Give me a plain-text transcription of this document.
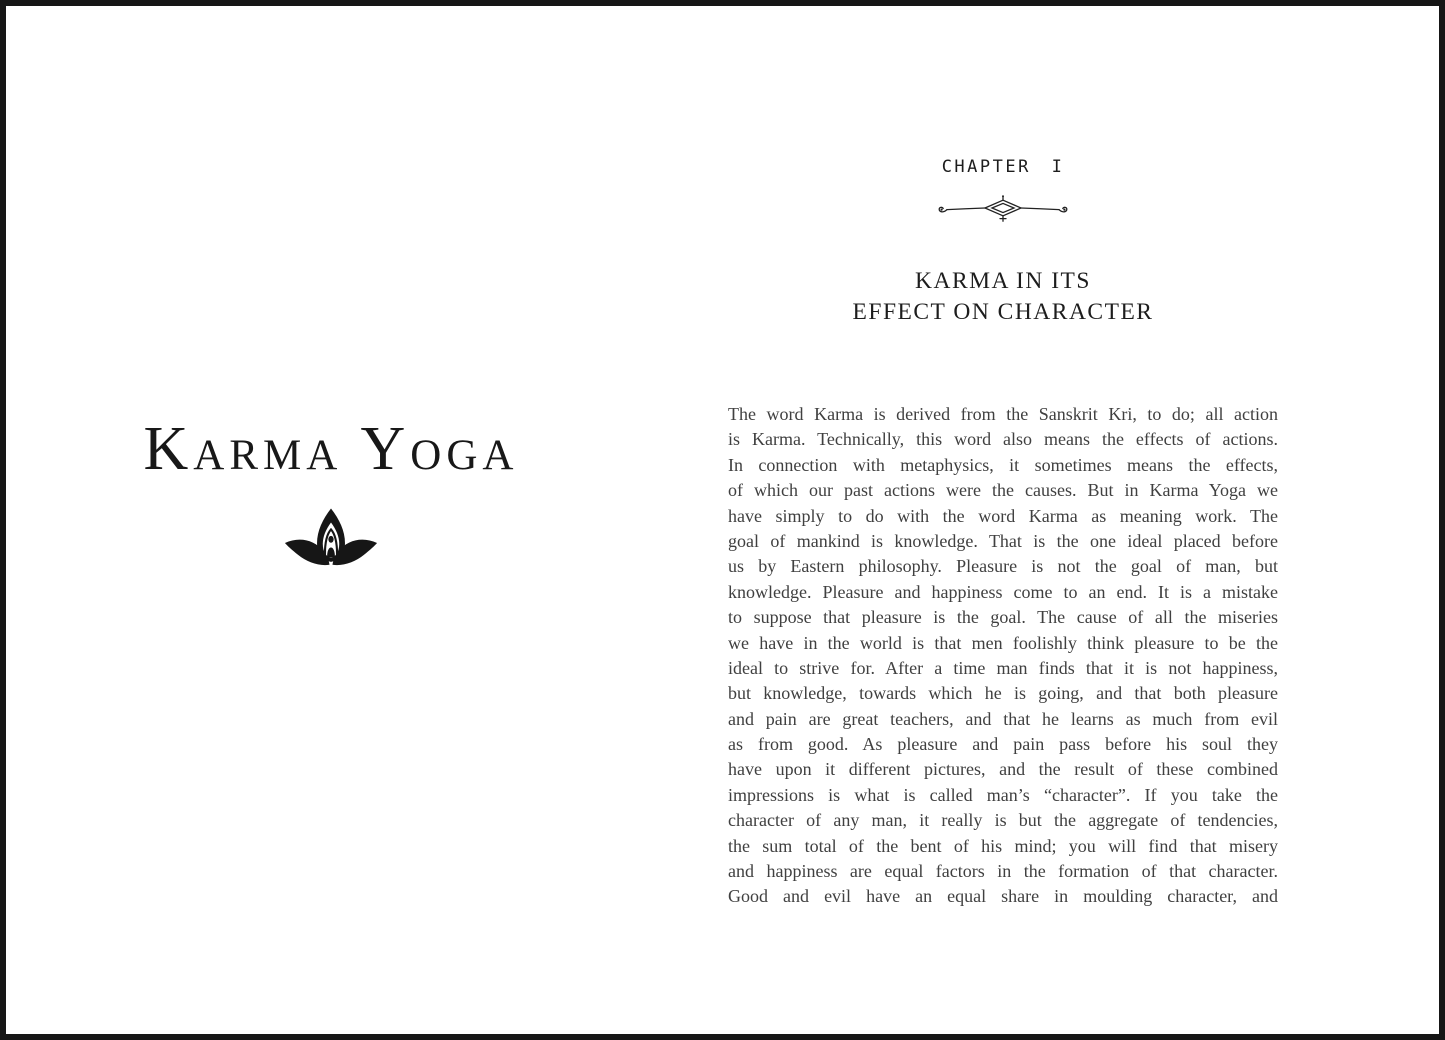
Karma Yoga
CHAPTER I
KARMA IN ITS
EFFECT ON CHARACTER
The word Karma is derived from the Sanskrit Kri, to do; all action
is Karma. Technically, this word also means the effects of actions.
In connection with metaphysics, it sometimes means the effects,
of which our past actions were the causes. But in Karma Yoga we
have simply to do with the word Karma as meaning work. The
goal of mankind is knowledge. That is the one ideal placed before
us by Eastern philosophy. Pleasure is not the goal of man, but
knowledge. Pleasure and happiness come to an end. It is a mistake
to suppose that pleasure is the goal. The cause of all the miseries
we have in the world is that men foolishly think pleasure to be the
ideal to strive for. After a time man finds that it is not happiness,
but knowledge, towards which he is going, and that both pleasure
and pain are great teachers, and that he learns as much from evil
as from good. As pleasure and pain pass before his soul they
have upon it different pictures, and the result of these combined
impressions is what is called man’s “character”. If you take the
character of any man, it really is but the aggregate of tendencies,
the sum total of the bent of his mind; you will find that misery
and happiness are equal factors in the formation of that character.
Good and evil have an equal share in moulding character, and
